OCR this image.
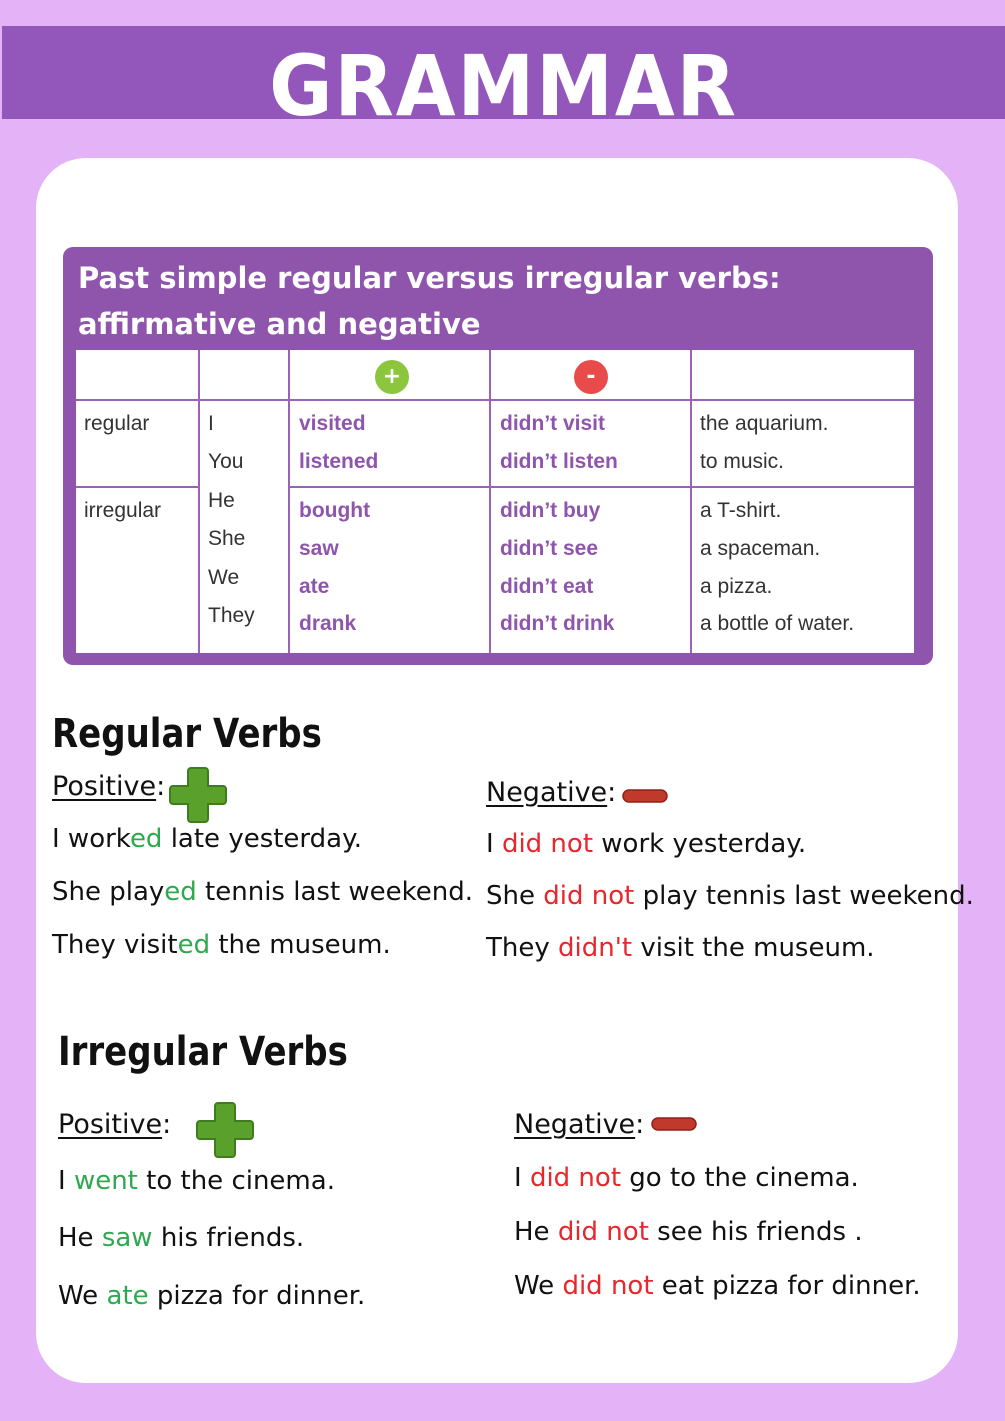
GRAMMAR
Past simple regular versus irregular verbs: affirmative and negative
+	-
regular
irregular
I
You
He
She
We
They
visited
listened
didn’t visit
didn’t listen
the aquarium.
to music.
bought
saw
ate
drank
didn’t buy
didn’t see
didn’t eat
didn’t drink
a T-shirt.
a spaceman.
a pizza.
a bottle of water.
Regular Verbs
Positive:
I worked late yesterday.
She played tennis last weekend.
They visited the museum.
Negative:
I did not work yesterday.
She did not play tennis last weekend.
They didn't visit the museum.
Irregular Verbs
Positive:
I went to the cinema.
He saw his friends.
We ate pizza for dinner.
Negative:
I did not go to the cinema.
He did not see his friends .
We did not eat pizza for dinner.
